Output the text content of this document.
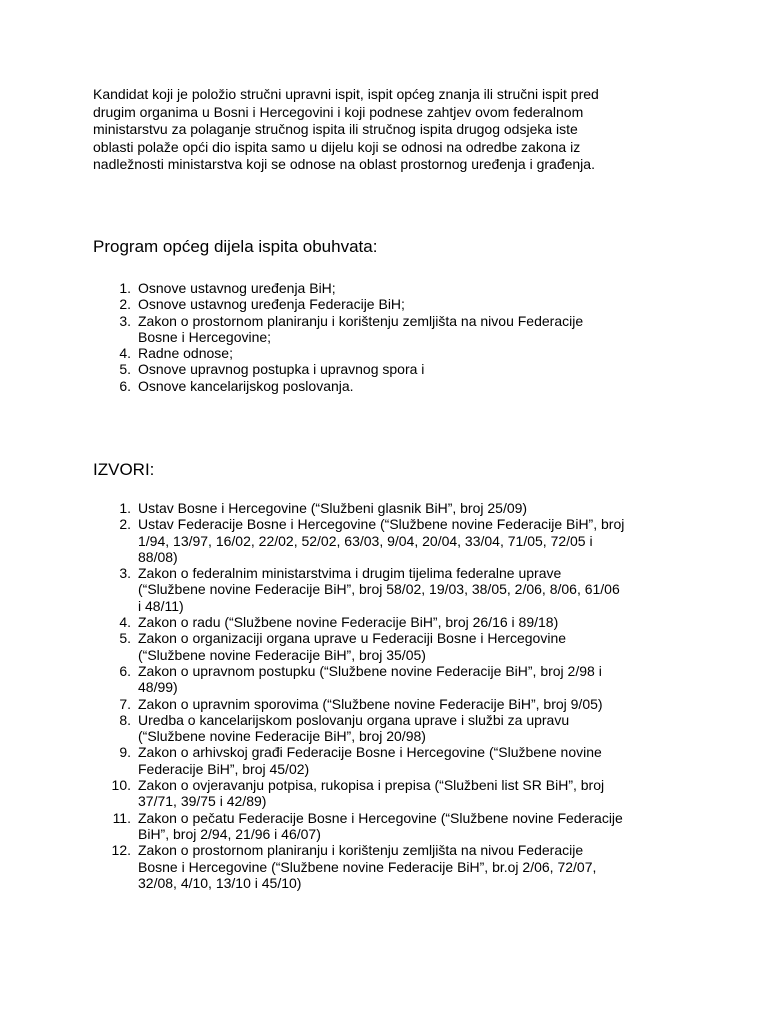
Kandidat koji je položio stručni upravni ispit, ispit općeg znanja ili stručni ispit pred
drugim organima u Bosni i Hercegovini i koji podnese zahtjev ovom federalnom
ministarstvu za polaganje stručnog ispita ili stručnog ispita drugog odsjeka iste
oblasti polaže opći dio ispita samo u dijelu koji se odnosi na odredbe zakona iz
nadležnosti ministarstva koji se odnose na oblast prostornog uređenja i građenja.

Program općeg dijela ispita obuhvata:
1. Osnove ustavnog uređenja BiH;
2. Osnove ustavnog uređenja Federacije BiH;
3. Zakon o prostornom planiranju i korištenju zemljišta na nivou Federacije
Bosne i Hercegovine;
4. Radne odnose;
5. Osnove upravnog postupka i upravnog spora i
6. Osnove kancelarijskog poslovanja.
IZVORI:
1. Ustav Bosne i Hercegovine (“Službeni glasnik BiH”, broj 25/09)
2. Ustav Federacije Bosne i Hercegovine (“Službene novine Federacije BiH”, broj
1/94, 13/97, 16/02, 22/02, 52/02, 63/03, 9/04, 20/04, 33/04, 71/05, 72/05 i
88/08)
3. Zakon o federalnim ministarstvima i drugim tijelima federalne uprave
(“Službene novine Federacije BiH”, broj 58/02, 19/03, 38/05, 2/06, 8/06, 61/06
i 48/11)
4. Zakon o radu (“Službene novine Federacije BiH”, broj 26/16 i 89/18)
5. Zakon o organizaciji organa uprave u Federaciji Bosne i Hercegovine
(“Službene novine Federacije BiH”, broj 35/05)
6. Zakon o upravnom postupku (“Službene novine Federacije BiH”, broj 2/98 i
48/99)
7. Zakon o upravnim sporovima (“Službene novine Federacije BiH”, broj 9/05)
8. Uredba o kancelarijskom poslovanju organa uprave i službi za upravu
(“Službene novine Federacije BiH”, broj 20/98)
9. Zakon o arhivskoj građi Federacije Bosne i Hercegovine (“Službene novine
Federacije BiH”, broj 45/02)
10. Zakon o ovjeravanju potpisa, rukopisa i prepisa (“Službeni list SR BiH”, broj
37/71, 39/75 i 42/89)
11. Zakon o pečatu Federacije Bosne i Hercegovine (“Službene novine Federacije
BiH”, broj 2/94, 21/96 i 46/07)
12. Zakon o prostornom planiranju i korištenju zemljišta na nivou Federacije
Bosne i Hercegovine (“Službene novine Federacije BiH”, br.oj 2/06, 72/07,
32/08, 4/10, 13/10 i 45/10)
